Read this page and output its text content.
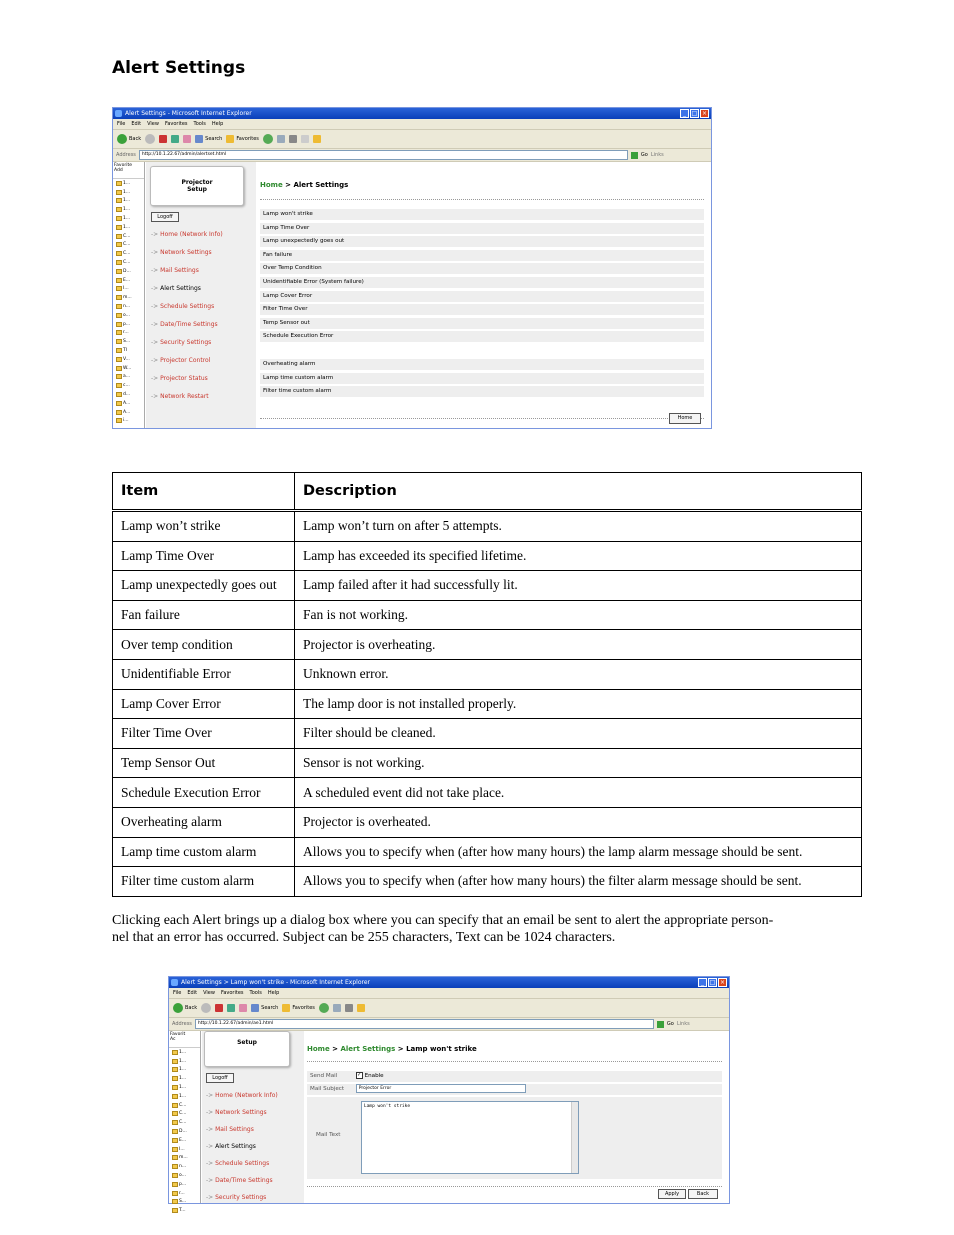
Alert Settings
Alert Settings - Microsoft Internet Explorer	_ □ ×
File Edit View Favorites Tools Help
Back	Search	Favorites
Address	http://10.1.22.67/admin/alertset.html	Go Links
Favorite
Add
1...
1...
1...
1...
1...
1...
C...
C...
C...
C...
D...
E...
I...
m...
n...
o...
p...
r...
S...
TI
V...
W...
a...
c...
d...
A...
A...
i...
Projector
Setup
Logoff
-> Home (Network Info)
-> Network Settings
-> Mail Settings
-> Alert Settings
-> Schedule Settings
-> Date/Time Settings
-> Security Settings
-> Projector Control
-> Projector Status
-> Network Restart
Home > Alert Settings
Lamp won't strike
Lamp Time Over
Lamp unexpectedly goes out
Fan failure
Over Temp Condition
Unidentifiable Error (System failure)
Lamp Cover Error
Filter Time Over
Temp Sensor out
Schedule Execution Error
Overheating alarm
Lamp time custom alarm
Filter time custom alarm
Home
Item	Description
Lamp won’t strike	Lamp won’t turn on after 5 attempts.
Lamp Time Over	Lamp has exceeded its specified lifetime.
Lamp unexpectedly goes out	Lamp failed after it had successfully lit.
Fan failure	Fan is not working.
Over temp condition	Projector is overheating.
Unidentifiable Error	Unknown error.
Lamp Cover Error	The lamp door is not installed properly.
Filter Time Over	Filter should be cleaned.
Temp Sensor Out	Sensor is not working.
Schedule Execution Error	A scheduled event did not take place.
Overheating alarm	Projector is overheated.
Lamp time custom alarm	Allows you to specify when (after how many hours) the lamp alarm message should be sent.
Filter time custom alarm	Allows you to specify when (after how many hours) the filter alarm message should be sent.
Clicking each Alert brings up a dialog box where you can specify that an email be sent to alert the appropriate person-
nel that an error has occurred. Subject can be 255 characters, Text can be 1024 characters.
Alert Settings > Lamp won't strike - Microsoft Internet Explorer	_ □ ×
File Edit View Favorites Tools Help
Back	Search	Favorites
Address	http://10.1.22.67/admin/ae1.html	Go Links
Favorit
Ac
1...
1...
1...
1...
1...
1...
C...
C...
C...
D...
E...
I...
m...
n...
o...
p...
r...
S...
T...
Setup
Logoff
-> Home (Network Info)
-> Network Settings
-> Mail Settings
-> Alert Settings
-> Schedule Settings
-> Date/Time Settings
-> Security Settings
Home > Alert Settings > Lamp won't strike
Send Mail	✓ Enable
Mail Subject	Projector Error
Mail Text
Lamp won't strike
Apply	Back
